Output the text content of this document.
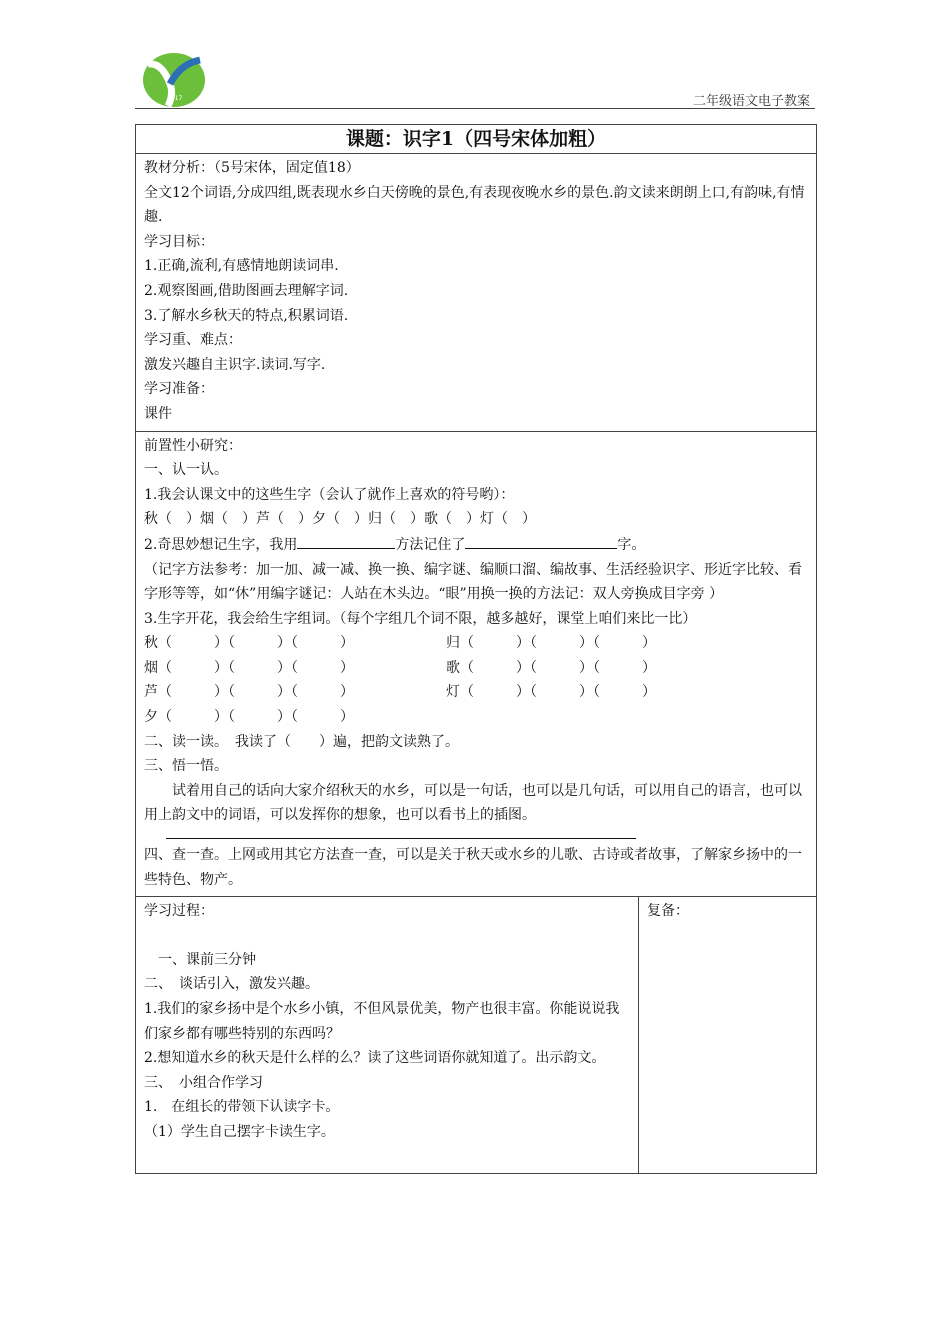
1917	二年级语文电子教案
课题：识字1（四号宋体加粗）

教材分析：（5号宋体，固定值18）
全文12个词语,分成四组,既表现水乡白天傍晚的景色,有表现夜晚水乡的景色.韵文读来朗朗上口,有韵味,有情趣.
学习目标：
1.正确,流利,有感情地朗读词串.
2.观察图画,借助图画去理解字词.
3.了解水乡秋天的特点,积累词语.
学习重、难点：
激发兴趣自主识字.读词.写字.
学习准备：
课件

前置性小研究：
一、认一认。
1.我会认课文中的这些生字（会认了就作上喜欢的符号哟）：
秋（　）烟（　）芦（　）夕（　）归（　）歌（　）灯（　）
2.奇思妙想记生字，我用	方法记住了	字。
（记字方法参考：加一加、减一减、换一换、编字谜、编顺口溜、编故事、生活经验识字、形近字比较、看字形等等，如“休”用编字谜记：人站在木头边。“眼”用换一换的方法记：双人旁换成目字旁 ）
3.生字开花，我会给生字组词。（每个字组几个词不限，越多越好，课堂上咱们来比一比）
秋（　　　）（　　　）（　　　）	归（　　　）（　　　）（　　　）
烟（　　　）（　　　）（　　　）	歌（　　　）（　　　）（　　　）
芦（　　　）（　　　）（　　　）	灯（　　　）（　　　）（　　　）
夕（　　　）（　　　）（　　　）
二、读一读。　我读了（　　）遍，把韵文读熟了。
三、悟一悟。
试着用自己的话向大家介绍秋天的水乡，可以是一句话，也可以是几句话，可以用自己的语言，也可以用上韵文中的词语，可以发挥你的想象，也可以看书上的插图。
四、查一查。上网或用其它方法查一查，可以是关于秋天或水乡的儿歌、古诗或者故事，了解家乡扬中的一些特色、物产。

学习过程：
一、课前三分钟
二、　谈话引入，激发兴趣。
1.我们的家乡扬中是个水乡小镇，不但风景优美，物产也很丰富。你能说说我们家乡都有哪些特别的东西吗？
2.想知道水乡的秋天是什么样的么？读了这些词语你就知道了。出示韵文。
三、　小组合作学习
1.　在组长的带领下认读字卡。
（1）学生自己摆字卡读生字。

复备：
